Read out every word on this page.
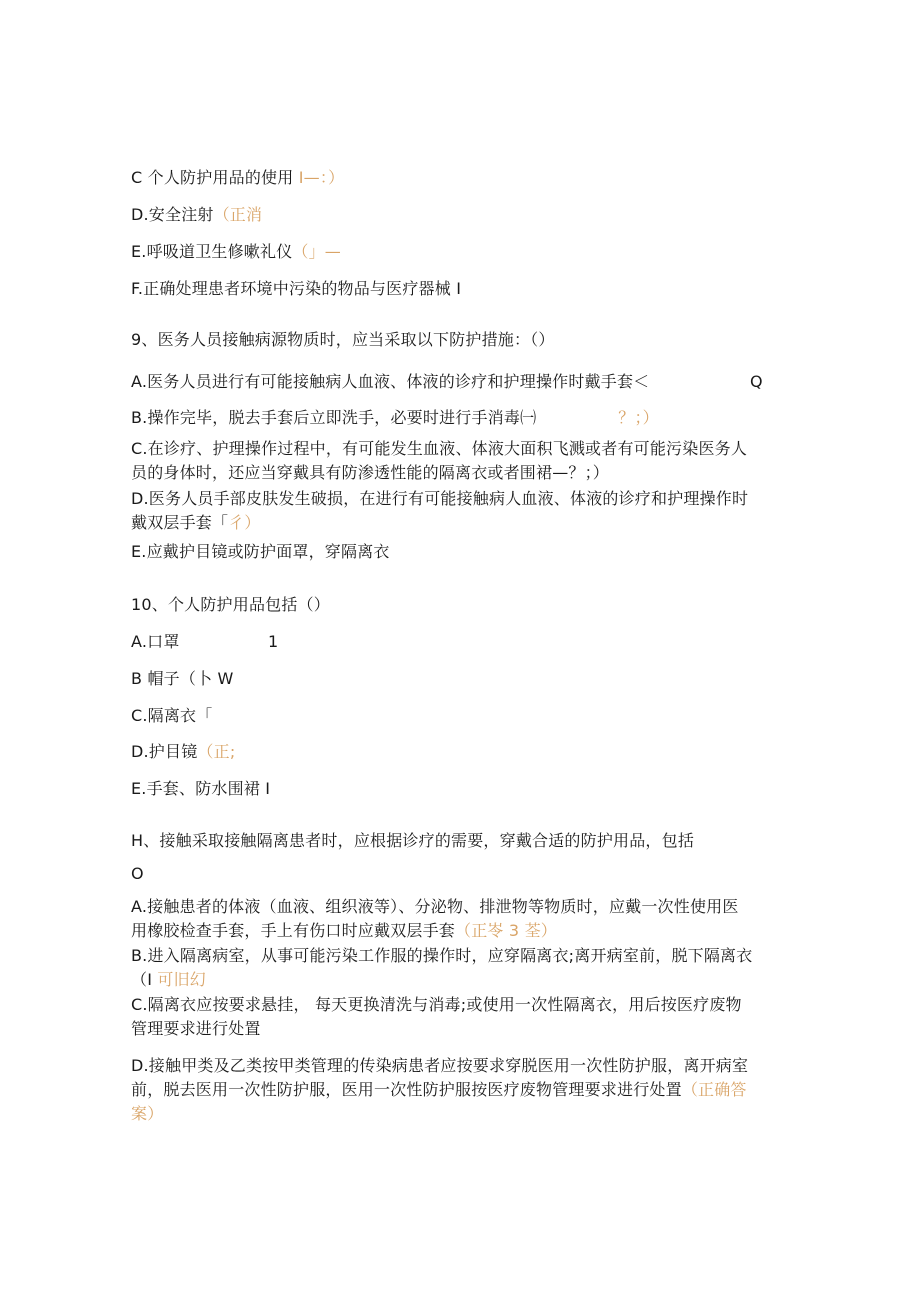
C 个人防护用品的使用 I—：）
D.安全注射（正消
E.呼吸道卫生修嗽礼仪（」—
F.正确处理患者环境中污染的物品与医疗器械 I
9、医务人员接触病源物质时，应当采取以下防护措施：（）
A.医务人员进行有可能接触病人血液、体液的诊疗和护理操作时戴手套＜	Q
B.操作完毕，脱去手套后立即洗手，必要时进行手消毒㈠	？；）
C.在诊疗、护理操作过程中，有可能发生血液、体液大面积飞溅或者有可能污染医务人
员的身体时，还应当穿戴具有防渗透性能的隔离衣或者围裙—？；）
D.医务人员手部皮肤发生破损，在进行有可能接触病人血液、体液的诊疗和护理操作时
戴双层手套「彳）
E.应戴护目镜或防护面罩，穿隔离衣
10、个人防护用品包括（）
A.口罩	1
B 帽子（卜 W
C.隔离衣「
D.护目镜（正;
E.手套、防水围裙 I
H、接触采取接触隔离患者时，应根据诊疗的需要，穿戴合适的防护用品，包括
O
A.接触患者的体液（血液、组织液等）、分泌物、排泄物等物质时，应戴一次性使用医
用橡胶检查手套，手上有伤口时应戴双层手套（正岺 3 荃）
B.进入隔离病室，从事可能污染工作服的操作时，应穿隔离衣;离开病室前，脱下隔离衣
（I 可旧幻
C.隔离衣应按要求悬挂， 每天更换清洗与消毒;或使用一次性隔离衣，用后按医疗废物
管理要求进行处置
D.接触甲类及乙类按甲类管理的传染病患者应按要求穿脱医用一次性防护服，离开病室
前，脱去医用一次性防护服，医用一次性防护服按医疗废物管理要求进行处置（正确答
案）
